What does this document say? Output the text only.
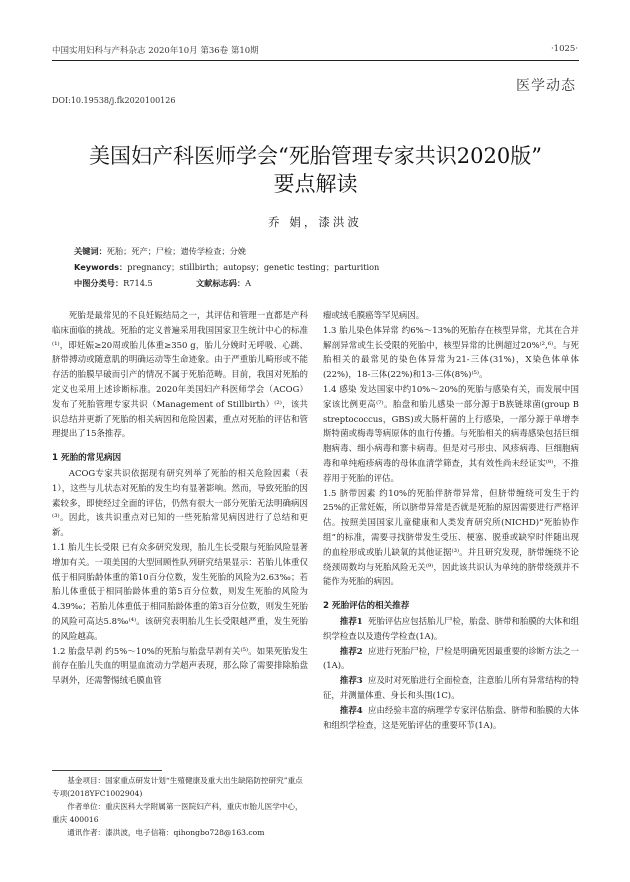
中国实用妇科与产科杂志 2020年10月 第36卷 第10期	·1025·
医学动态
DOI:10.19538/j.fk2020100126
美国妇产科医师学会“死胎管理专家共识2020版”
要点解读
乔 娟，漆洪波
关键词：死胎；死产；尸检；遗传学检查；分娩
Keywords：pregnancy；stillbirth；autopsy；genetic testing；parturition
中图分类号：R714.5	文献标志码：A

死胎是最常见的不良妊娠结局之一，其评估和管理一直都是产科临床面临的挑战。死胎的定义普遍采用我国国家卫生统计中心的标准⁽¹⁾，即妊娠≥20周或胎儿体重≥350 g，胎儿分娩时无呼吸、心跳、脐带搏动或随意肌的明确运动等生命迹象。由于严重胎儿畸形或不能存活的胎膜早破而引产的情况不属于死胎范畴。目前，我国对死胎的定义也采用上述诊断标准。2020年美国妇产科医师学会（ACOG）发布了死胎管理专家共识（Management of Stillbirth）⁽²⁾，该共识总结并更新了死胎的相关病因和危险因素，重点对死胎的评估和管理提出了15条推荐。

1 死胎的常见病因

ACOG专家共识依据现有研究列举了死胎的相关危险因素（表1），这些与儿状态对死胎的发生均有显著影响。然而，导致死胎的因素较多，即使经过全面的评估，仍然有很大一部分死胎无法明确病因⁽³⁾。因此，该共识重点对已知的一些死胎常见病因进行了总结和更新。

1.1 胎儿生长受限 已有众多研究发现，胎儿生长受限与死胎风险显著增加有关。一项美国的大型回顾性队列研究结果显示：若胎儿体重仅低于相同胎龄体重的第10百分位数，发生死胎的风险为2.63‰；若胎儿体重低于相同胎龄体重的第5百分位数，则发生死胎的风险为4.39‰；若胎儿体重低于相同胎龄体重的第3百分位数，则发生死胎的风险可高达5.8‰⁽⁴⁾。该研究表明胎儿生长受限越严重，发生死胎的风险越高。

1.2 胎盘早剥 约5%～10%的死胎与胎盘早剥有关⁽⁵⁾。如果死胎发生前存在胎儿失血的明显血流动力学超声表现，那么除了需要排除胎盘早剥外，还需警惕绒毛膜血管

基金项目：国家重点研发计划“生殖健康及重大出生缺陷防控研究”重点专项(2018YFC1002904)

作者单位：重庆医科大学附属第一医院妇产科，重庆市胎儿医学中心，重庆 400016

通讯作者：漆洪波，电子信箱：qihongbo728@163.com

瘤或绒毛膜癌等罕见病因。

1.3 胎儿染色体异常 约6%～13%的死胎存在核型异常，尤其在合并解剖异常或生长受限的死胎中，核型异常的比例超过20%⁽²,⁶⁾。与死胎相关的最常见的染色体异常为21-三体(31%)，X染色体单体(22%)，18-三体(22%)和13-三体(8%)⁽⁵⁾。

1.4 感染 发达国家中约10%～20%的死胎与感染有关，而发展中国家该比例更高⁽⁷⁾。胎盘和胎儿感染一部分源于B族链球菌(group B streptococcus，GBS)或大肠杆菌的上行感染，一部分源于单增李斯特菌或梅毒等病原体的血行传播。与死胎相关的病毒感染包括巨细胞病毒、细小病毒和寨卡病毒。但是对弓形虫、风疹病毒、巨细胞病毒和单纯疱疹病毒的母体血清学筛查，其有效性尚未经证实⁽⁸⁾，不推荐用于死胎的评估。

1.5 脐带因素 约10%的死胎伴脐带异常，但脐带缠绕可发生于约25%的正常妊娠，所以脐带异常是否就是死胎的原因需要进行严格评估。按照美国国家儿童健康和人类发育研究所(NICHD)“死胎协作组”的标准，需要寻找脐带发生受压、梗塞、脱垂或缺窄时伴随出现的血栓形成或胎儿缺氧的其他证据⁽³⁾。并且研究发现，脐带缠绕不论绕颈周数均与死胎风险无关⁽⁹⁾，因此该共识认为单纯的脐带绕颈并不能作为死胎的病因。

2 死胎评估的相关推荐

推荐1 死胎评估应包括胎儿尸检，胎盘、脐带和胎膜的大体和组织学检查以及遗传学检查(1A)。

推荐2 应进行死胎尸检，尸检是明确死因最重要的诊断方法之一(1A)。

推荐3 应及时对死胎进行全面检查，注意胎儿所有异常结构的特征，并测量体重、身长和头围(1C)。

推荐4 应由经验丰富的病理学专家评估胎盘、脐带和胎膜的大体和组织学检查，这是死胎评估的重要环节(1A)。
